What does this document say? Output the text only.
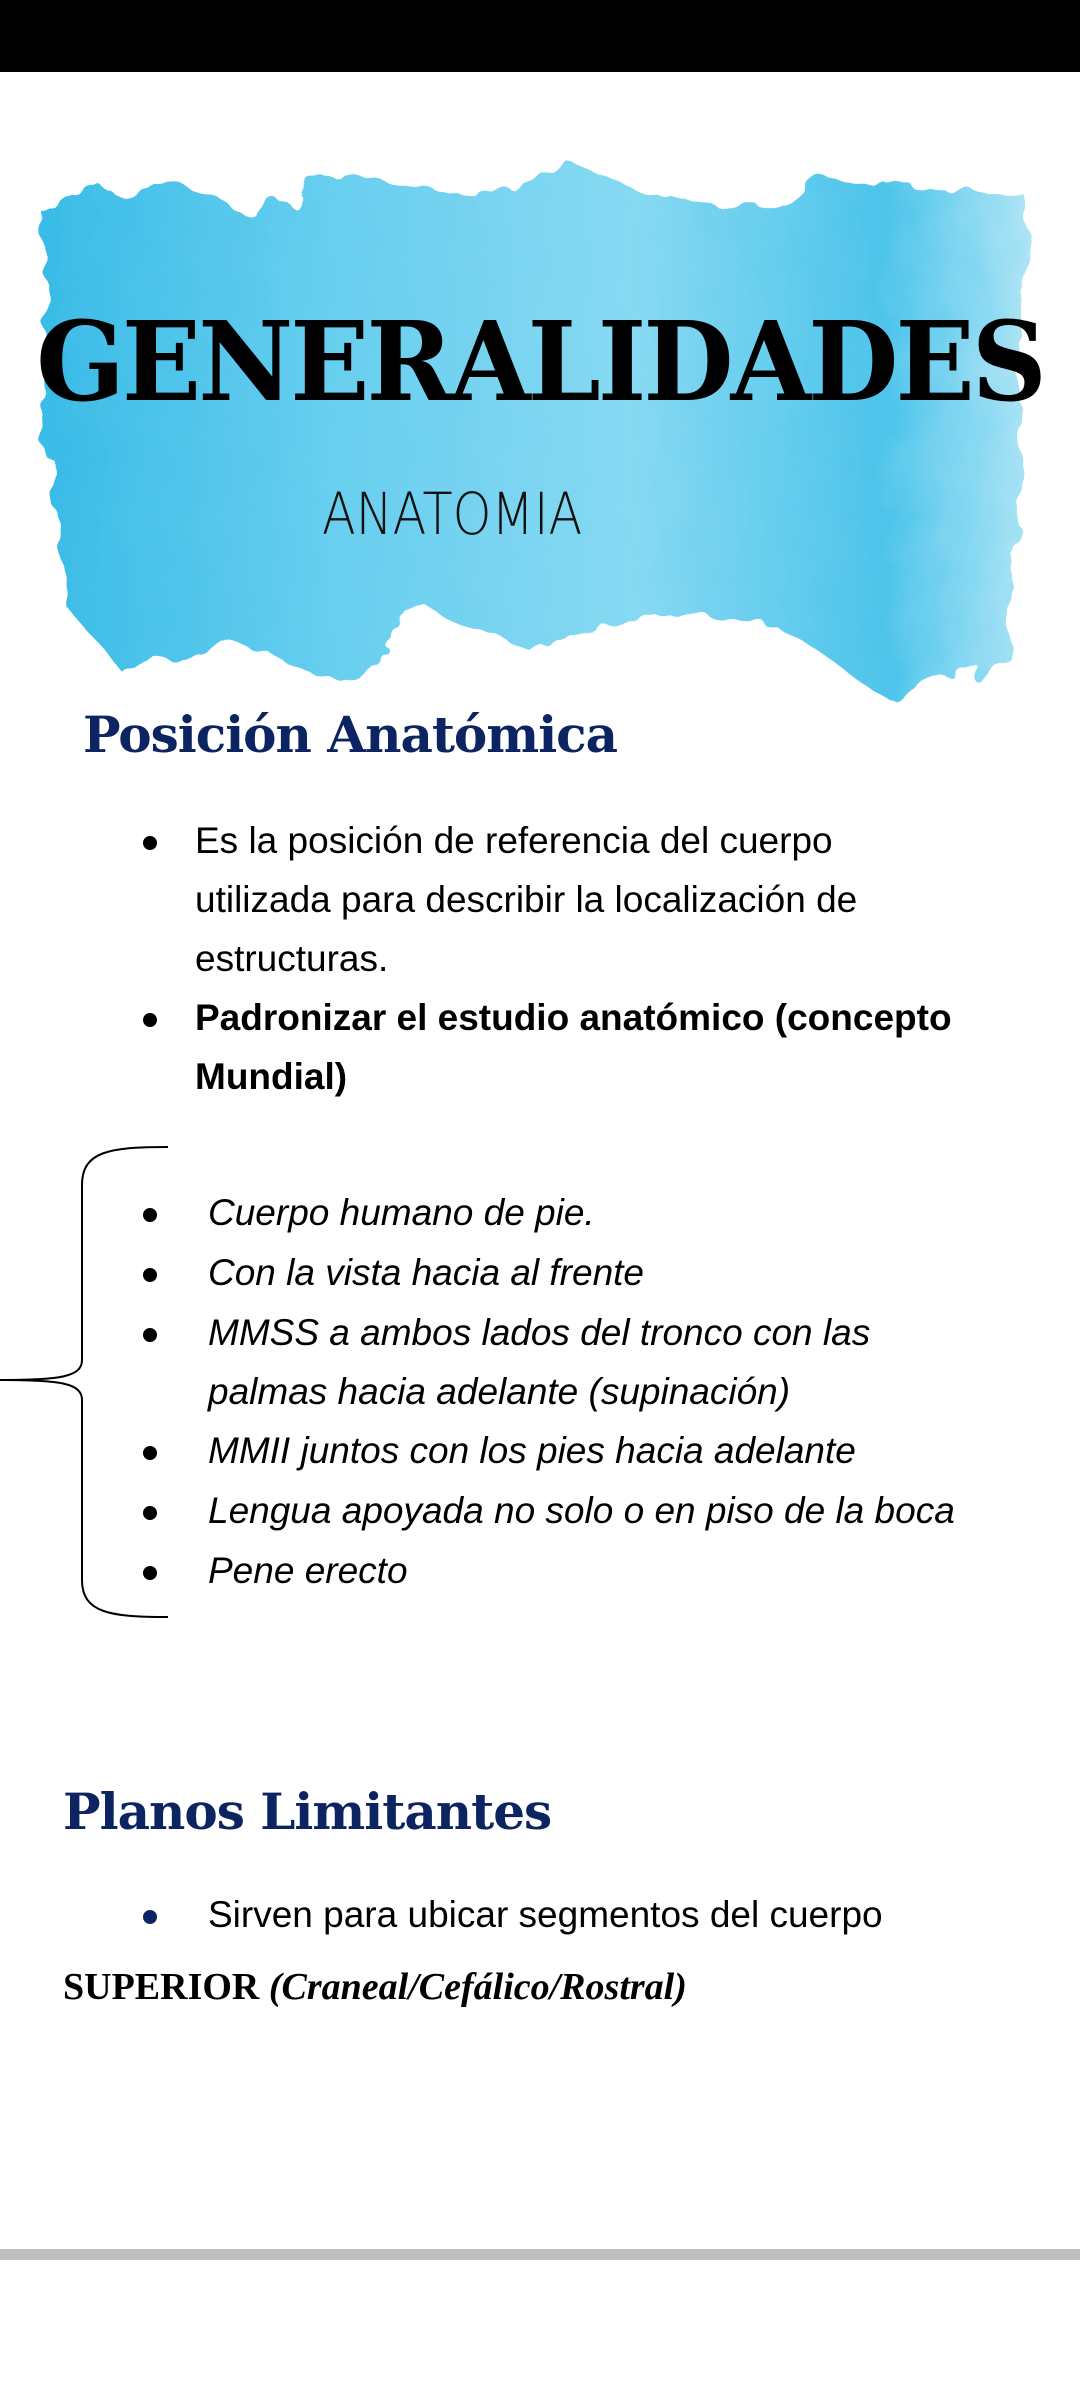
GENERALIDADES
ANATOMIA
Posición Anatómica
Es la posición de referencia del cuerpo
utilizada para describir la localización de
estructuras.
Padronizar el estudio anatómico (concepto
Mundial)
Cuerpo humano de pie.
Con la vista hacia al frente
MMSS a ambos lados del tronco con las
palmas hacia adelante (supinación)
MMII juntos con los pies hacia adelante
Lengua apoyada no solo o en piso de la boca
Pene erecto
Planos Limitantes
Sirven para ubicar segmentos del cuerpo
SUPERIOR (Craneal/Cefálico/Rostral)
